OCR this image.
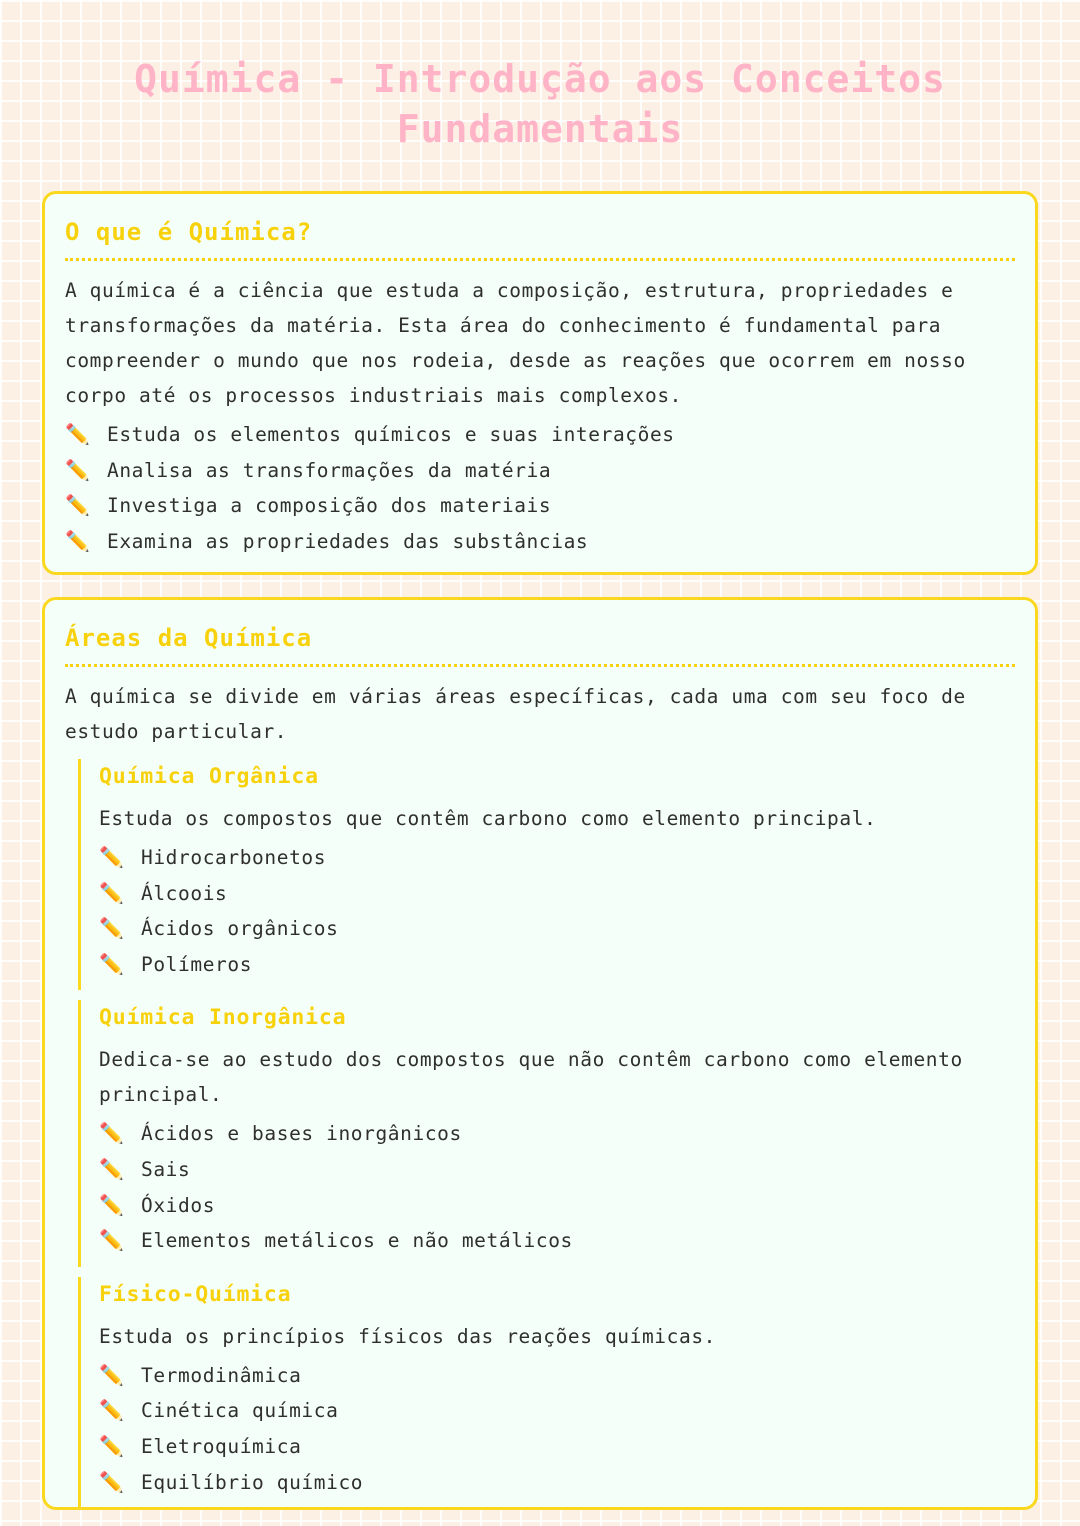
Química - Introdução aos Conceitos Fundamentais
O que é Química?

A química é a ciência que estuda a composição, estrutura, propriedades e transformações da matéria. Esta área do conhecimento é fundamental para compreender o mundo que nos rodeia, desde as reações que ocorrem em nosso corpo até os processos industriais mais complexos.

✏️ Estuda os elementos químicos e suas interações
✏️ Analisa as transformações da matéria
✏️ Investiga a composição dos materiais
✏️ Examina as propriedades das substâncias
Áreas da Química

A química se divide em várias áreas específicas, cada uma com seu foco de estudo particular.

Química Orgânica

Estuda os compostos que contêm carbono como elemento principal.

✏️ Hidrocarbonetos
✏️ Álcoois
✏️ Ácidos orgânicos
✏️ Polímeros
Química Inorgânica

Dedica-se ao estudo dos compostos que não contêm carbono como elemento principal.

✏️ Ácidos e bases inorgânicos
✏️ Sais
✏️ Óxidos
✏️ Elementos metálicos e não metálicos
Físico-Química

Estuda os princípios físicos das reações químicas.

✏️ Termodinâmica
✏️ Cinética química
✏️ Eletroquímica
✏️ Equilíbrio químico
